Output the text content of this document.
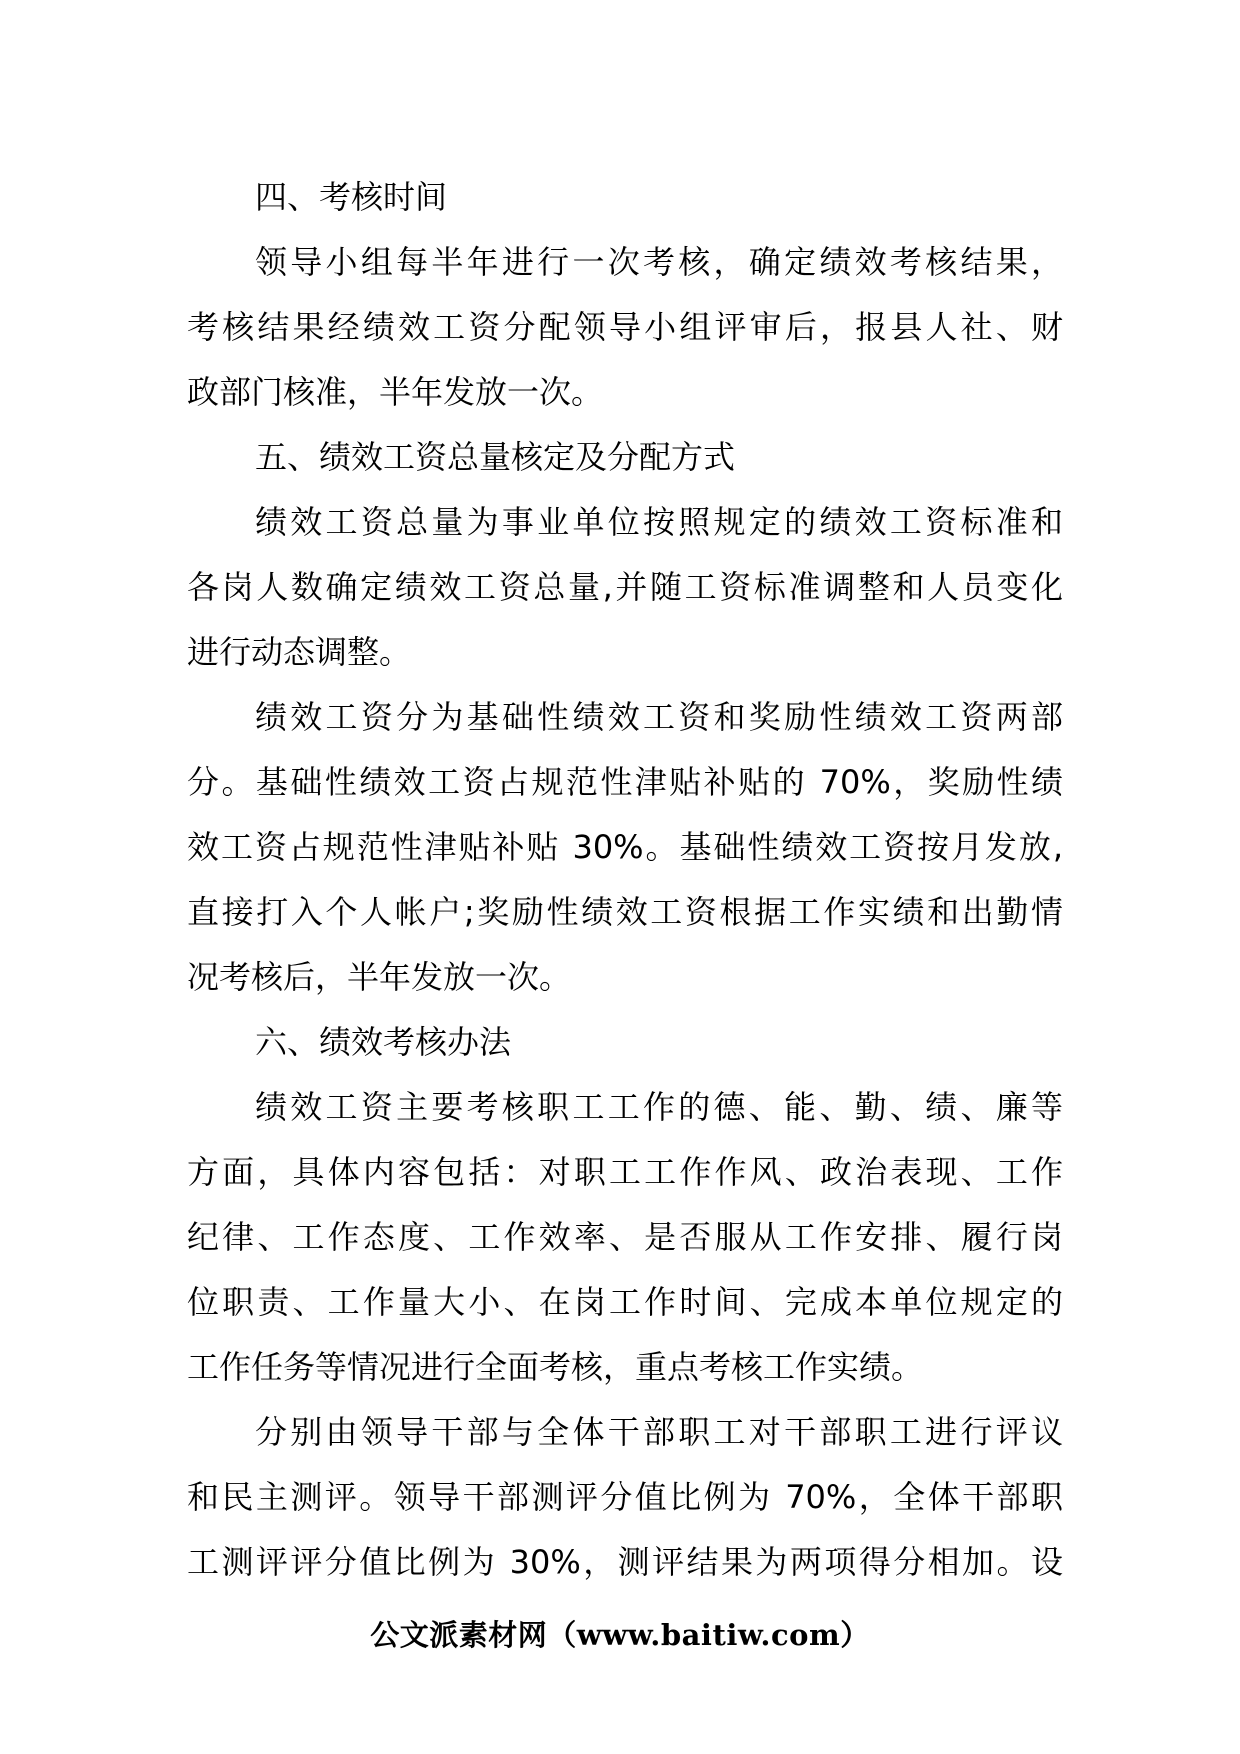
四、考核时间
领导小组每半年进行一次考核，确定绩效考核结果，
考核结果经绩效工资分配领导小组评审后，报县人社、财
政部门核准，半年发放一次。
五、绩效工资总量核定及分配方式
绩效工资总量为事业单位按照规定的绩效工资标准和
各岗人数确定绩效工资总量,并随工资标准调整和人员变化
进行动态调整。
绩效工资分为基础性绩效工资和奖励性绩效工资两部
分。基础性绩效工资占规范性津贴补贴的 70%，奖励性绩
效工资占规范性津贴补贴 30%。基础性绩效工资按月发放,
直接打入个人帐户;奖励性绩效工资根据工作实绩和出勤情
况考核后，半年发放一次。
六、绩效考核办法
绩效工资主要考核职工工作的德、能、勤、绩、廉等
方面，具体内容包括：对职工工作作风、政治表现、工作
纪律、工作态度、工作效率、是否服从工作安排、履行岗
位职责、工作量大小、在岗工作时间、完成本单位规定的
工作任务等情况进行全面考核，重点考核工作实绩。
分别由领导干部与全体干部职工对干部职工进行评议
和民主测评。领导干部测评分值比例为 70%，全体干部职
工测评评分值比例为 30%，测评结果为两项得分相加。设
公文派素材网（www.baitiw.com）
